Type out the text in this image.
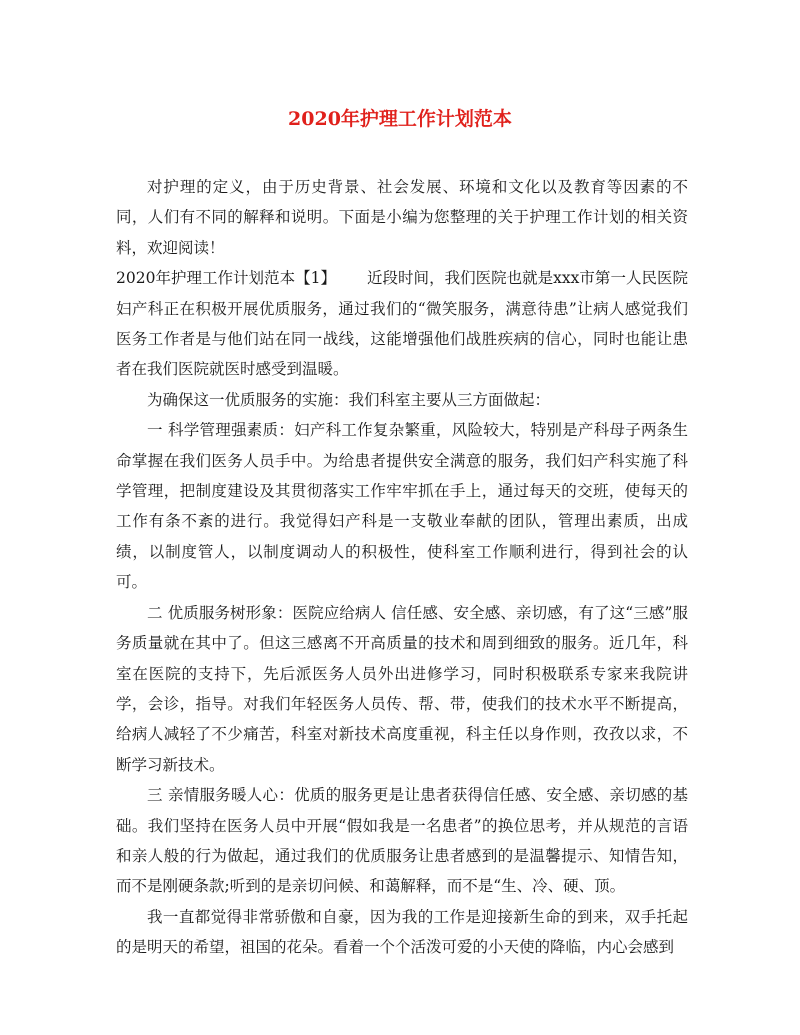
2020年护理工作计划范本

对护理的定义，由于历史背景、社会发展、环境和文化以及教育等因素的不同，人们有不同的解释和说明。下面是小编为您整理的关于护理工作计划的相关资料，欢迎阅读！

2020年护理工作计划范本【1】 近段时间，我们医院也就是xxx市第一人民医院妇产科正在积极开展优质服务，通过我们的“微笑服务，满意待患”让病人感觉我们医务工作者是与他们站在同一战线，这能增强他们战胜疾病的信心，同时也能让患者在我们医院就医时感受到温暖。

为确保这一优质服务的实施：我们科室主要从三方面做起：

一 科学管理强素质：妇产科工作复杂繁重，风险较大，特别是产科母子两条生命掌握在我们医务人员手中。为给患者提供安全满意的服务，我们妇产科实施了科学管理，把制度建设及其贯彻落实工作牢牢抓在手上，通过每天的交班，使每天的工作有条不紊的进行。我觉得妇产科是一支敬业奉献的团队，管理出素质，出成绩，以制度管人，以制度调动人的积极性，使科室工作顺利进行，得到社会的认可。

二 优质服务树形象：医院应给病人 信任感、安全感、亲切感，有了这“三感”服务质量就在其中了。但这三感离不开高质量的技术和周到细致的服务。近几年，科室在医院的支持下，先后派医务人员外出进修学习，同时积极联系专家来我院讲学，会诊，指导。对我们年轻医务人员传、帮、带，使我们的技术水平不断提高，给病人减轻了不少痛苦，科室对新技术高度重视，科主任以身作则，孜孜以求，不断学习新技术。

三 亲情服务暖人心：优质的服务更是让患者获得信任感、安全感、亲切感的基础。我们坚持在医务人员中开展“假如我是一名患者”的换位思考，并从规范的言语和亲人般的行为做起，通过我们的优质服务让患者感到的是温馨提示、知情告知，而不是刚硬条款;听到的是亲切问候、和蔼解释，而不是“生、冷、硬、顶。

我一直都觉得非常骄傲和自豪，因为我的工作是迎接新生命的到来，双手托起的是明天的希望，祖国的花朵。看着一个个活泼可爱的小天使的降临，内心会感到
